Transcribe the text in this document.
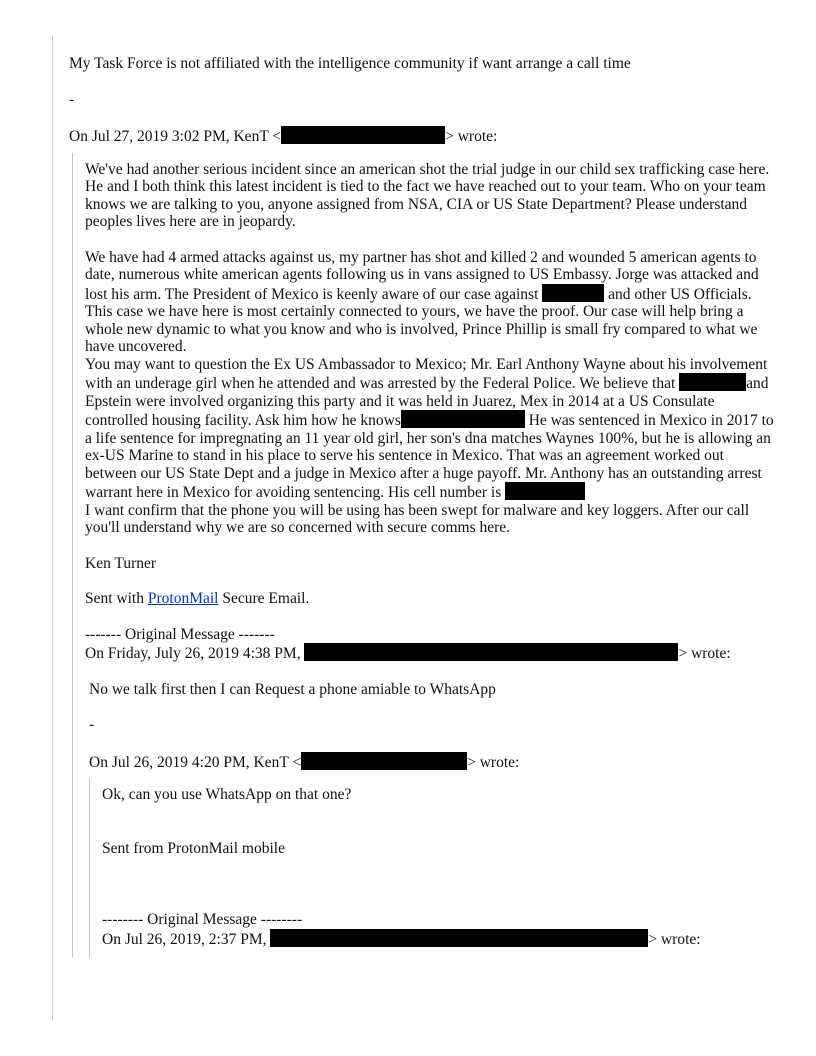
My Task Force is not affiliated with the intelligence community if want arrange a call time

-

On Jul 27, 2019 3:02 PM, KenT <	> wrote:

We've had another serious incident since an american shot the trial judge in our child sex trafficking case here.

He and I both think this latest incident is tied to the fact we have reached out to your team. Who on your team knows we are talking to you, anyone assigned from NSA, CIA or US State Department? Please understand peoples lives here are in jeopardy.

We have had 4 armed attacks against us, my partner has shot and killed 2 and wounded 5 american agents to date, numerous white american agents following us in vans assigned to US Embassy. Jorge was attacked and lost his arm. The President of Mexico is keenly aware of our case against	and other US Officials. This case we have here is most certainly connected to yours, we have the proof. Our case will help bring a whole new dynamic to what you know and who is involved, Prince Phillip is small fry compared to what we have uncovered.

You may want to question the Ex US Ambassador to Mexico; Mr. Earl Anthony Wayne about his involvement with an underage girl when he attended and was arrested by the Federal Police. We believe that	and Epstein were involved organizing this party and it was held in Juarez, Mex in 2014 at a US Consulate controlled housing facility. Ask him how he knows	He was sentenced in Mexico in 2017 to a life sentence for impregnating an 11 year old girl, her son's dna matches Waynes 100%, but he is allowing an ex-US Marine to stand in his place to serve his sentence in Mexico. That was an agreement worked out between our US State Dept and a judge in Mexico after a huge payoff. Mr. Anthony has an outstanding arrest warrant here in Mexico for avoiding sentencing. His cell number is

I want confirm that the phone you will be using has been swept for malware and key loggers. After our call you'll understand why we are so concerned with secure comms here.

Ken Turner

Sent with ProtonMail Secure Email.

------- Original Message -------

On Friday, July 26, 2019 4:38 PM,	> wrote:

No we talk first then I can Request a phone amiable to WhatsApp

-

On Jul 26, 2019 4:20 PM, KenT <	> wrote:

Ok, can you use WhatsApp on that one?

Sent from ProtonMail mobile

-------- Original Message --------

On Jul 26, 2019, 2:37 PM,	> wrote:
